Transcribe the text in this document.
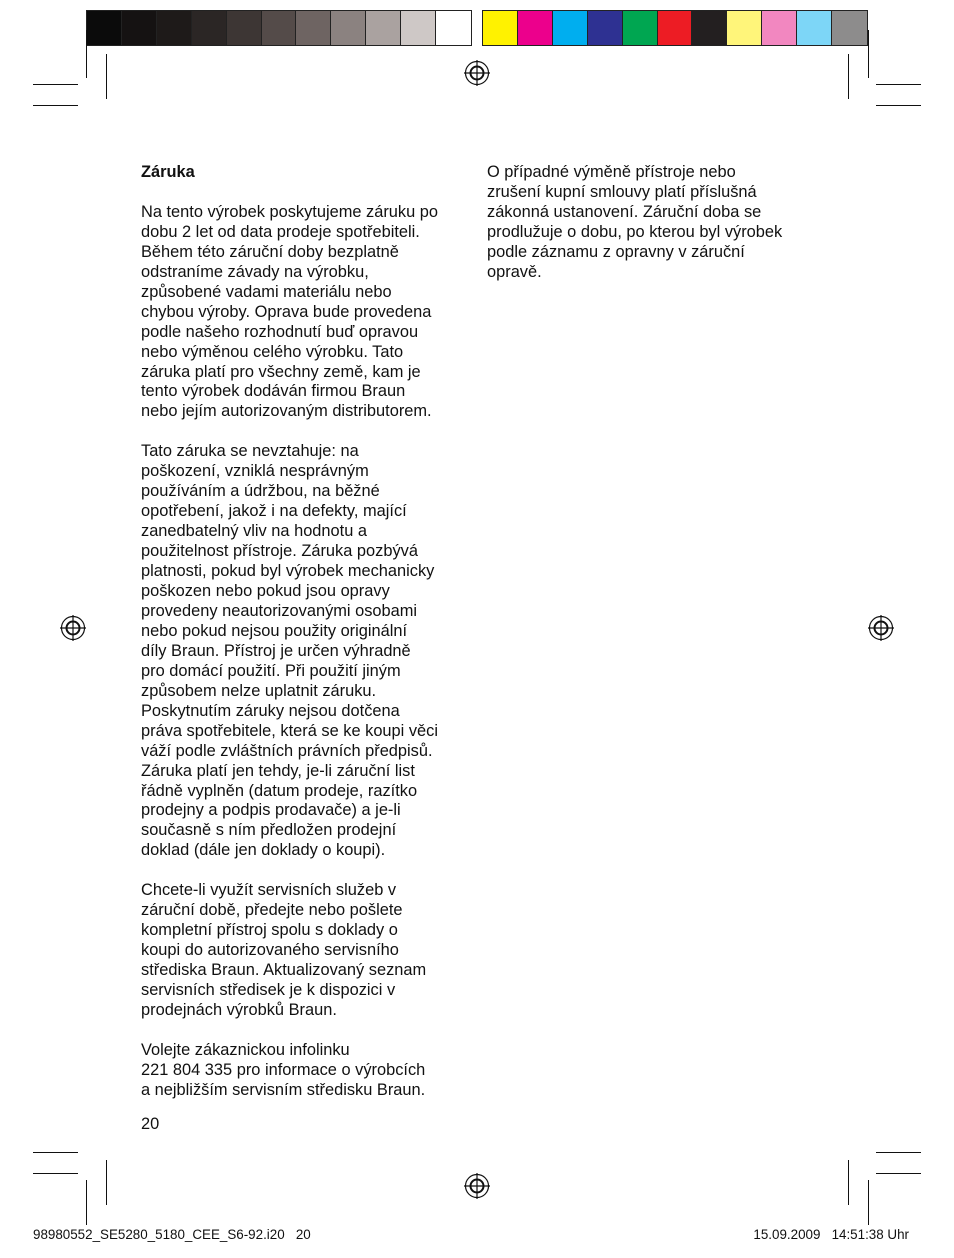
Záruka

Na tento výrobek poskytujeme záruku po
dobu 2 let od data prodeje spotřebiteli.
Během této záruční doby bezplatně
odstraníme závady na výrobku,
způsobené vadami materiálu nebo
chybou výroby. Oprava bude provedena
podle našeho rozhodnutí buď opravou
nebo výměnou celého výrobku. Tato
záruka platí pro všechny země, kam je
tento výrobek dodáván firmou Braun
nebo jejím autorizovaným distributorem.

Tato záruka se nevztahuje: na
poškození, vzniklá nesprávným
používáním a údržbou, na běžné
opotřebení, jakož i na defekty, mající
zanedbatelný vliv na hodnotu a
použitelnost přístroje. Záruka pozbývá
platnosti, pokud byl výrobek mechanicky
poškozen nebo pokud jsou opravy
provedeny neautorizovanými osobami
nebo pokud nejsou použity originální
díly Braun. Přístroj je určen výhradně
pro domácí použití. Při použití jiným
způsobem nelze uplatnit záruku.
Poskytnutím záruky nejsou dotčena
práva spotřebitele, která se ke koupi věci
váží podle zvláštních právních předpisů.
Záruka platí jen tehdy, je-li záruční list
řádně vyplněn (datum prodeje, razítko
prodejny a podpis prodavače) a je-li
současně s ním předložen prodejní
doklad (dále jen doklady o koupi).

Chcete-li využít servisních služeb v
záruční době, předejte nebo pošlete
kompletní přístroj spolu s doklady o
koupi do autorizovaného servisního
střediska Braun. Aktualizovaný seznam
servisních středisek je k dispozici v
prodejnách výrobků Braun.

Volejte zákaznickou infolinku
221 804 335 pro informace o výrobcích
a nejbližším servisním středisku Braun.

O případné výměně přístroje nebo
zrušení kupní smlouvy platí příslušná
zákonná ustanovení. Záruční doba se
prodlužuje o dobu, po kterou byl výrobek
podle záznamu z opravny v záruční
opravě.

20
98980552_SE5280_5180_CEE_S6-92.i20   20	15.09.2009   14:51:38 Uhr
